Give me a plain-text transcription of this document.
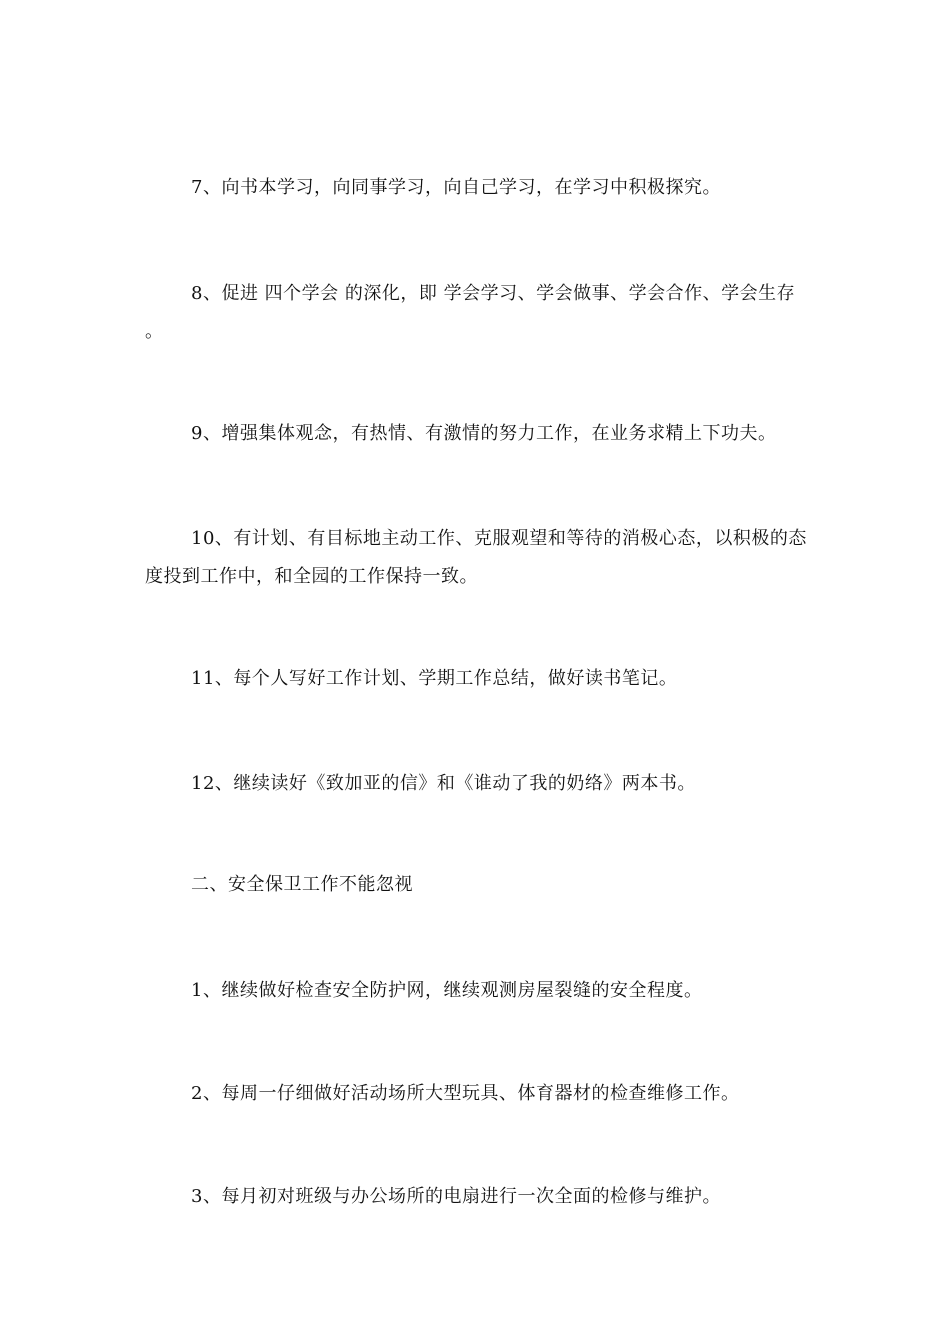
7、向书本学习，向同事学习，向自己学习，在学习中积极探究。

8、促进 四个学会 的深化，即 学会学习、学会做事、学会合作、学会生存 。

9、增强集体观念，有热情、有激情的努力工作，在业务求精上下功夫。

10、有计划、有目标地主动工作、克服观望和等待的消极心态，以积极的态度投到工作中，和全园的工作保持一致。

11、每个人写好工作计划、学期工作总结，做好读书笔记。

12、继续读好《致加亚的信》和《谁动了我的奶络》两本书。

二、安全保卫工作不能忽视

1、继续做好检查安全防护网，继续观测房屋裂缝的安全程度。

2、每周一仔细做好活动场所大型玩具、体育器材的检查维修工作。

3、每月初对班级与办公场所的电扇进行一次全面的检修与维护。
